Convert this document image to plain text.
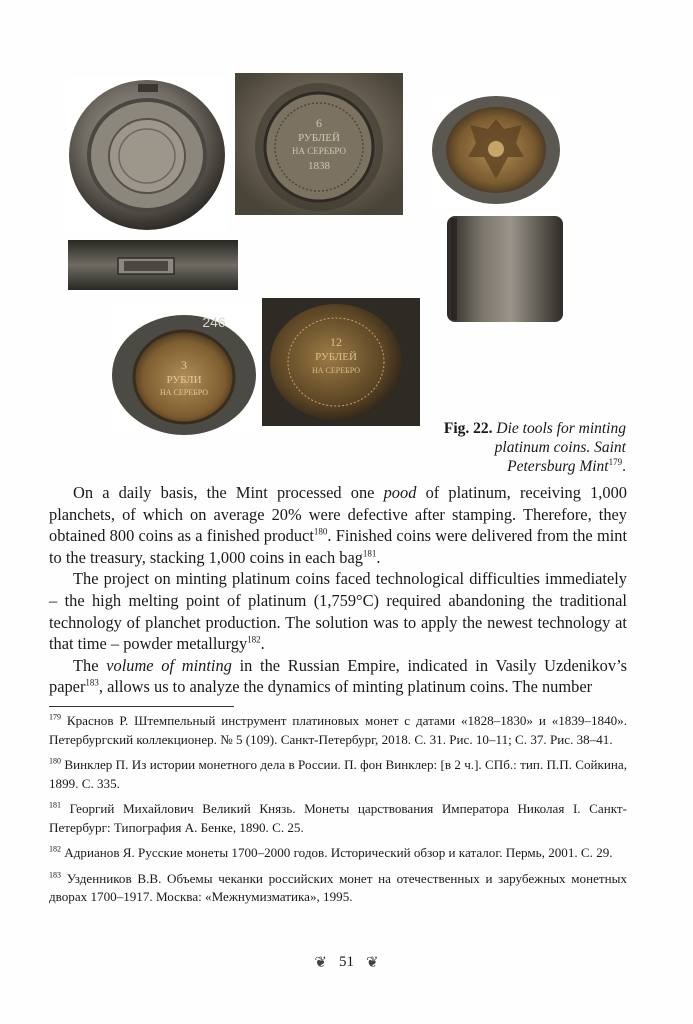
6
РУБЛЕЙ
НА СЕРЕБРО
1838
246
3
РУБЛИ
НА СЕРЕБРО
12
РУБЛЕЙ
НА СЕРЕБРО
Fig. 22. Die tools for minting
platinum coins. Saint
Petersburg Mint$^{179}$.

On a daily basis, the Mint processed one pood of platinum, receiving 1,000 planchets, of which on average 20% were defective after stamping. Therefore, they obtained 800 coins as a finished product$^{180}$. Finished coins were delivered from the mint to the treasury, stacking 1,000 coins in each bag$^{181}$.

The project on minting platinum coins faced technological difficulties immediately – the high melting point of platinum (1,759°C) required abandoning the traditional technology of planchet production. The solution was to apply the newest technology at that time – powder metallurgy$^{182}$.

The volume of minting in the Russian Empire, indicated in Vasily Uzdenikov’s paper$^{183}$, allows us to analyze the dynamics of minting platinum coins. The number

$^{179}$ Краснов Р. Штемпельный инструмент платиновых монет с датами «1828–1830» и «1839–1840». Петербургский коллекционер. № 5 (109). Санкт-Петербург, 2018. С. 31. Рис. 10–11; С. 37. Рис. 38–41.

$^{180}$ Винклер П. Из истории монетного дела в России. П. фон Винклер: [в 2 ч.]. СПб.: тип. П.П. Сойкина, 1899. С. 335.

$^{181}$ Георгий Михайлович Великий Князь. Монеты царствования Императора Николая I. Санкт-Петербург: Типография А. Бенке, 1890. С. 25.

$^{182}$ Адрианов Я. Русские монеты 1700–2000 годов. Исторический обзор и каталог. Пермь, 2001. С. 29.

$^{183}$ Узденников В.В. Объемы чеканки российских монет на отечественных и зарубежных монетных дворах 1700–1917. Москва: «Межнумизматика», 1995.

❦ 51 ❦
